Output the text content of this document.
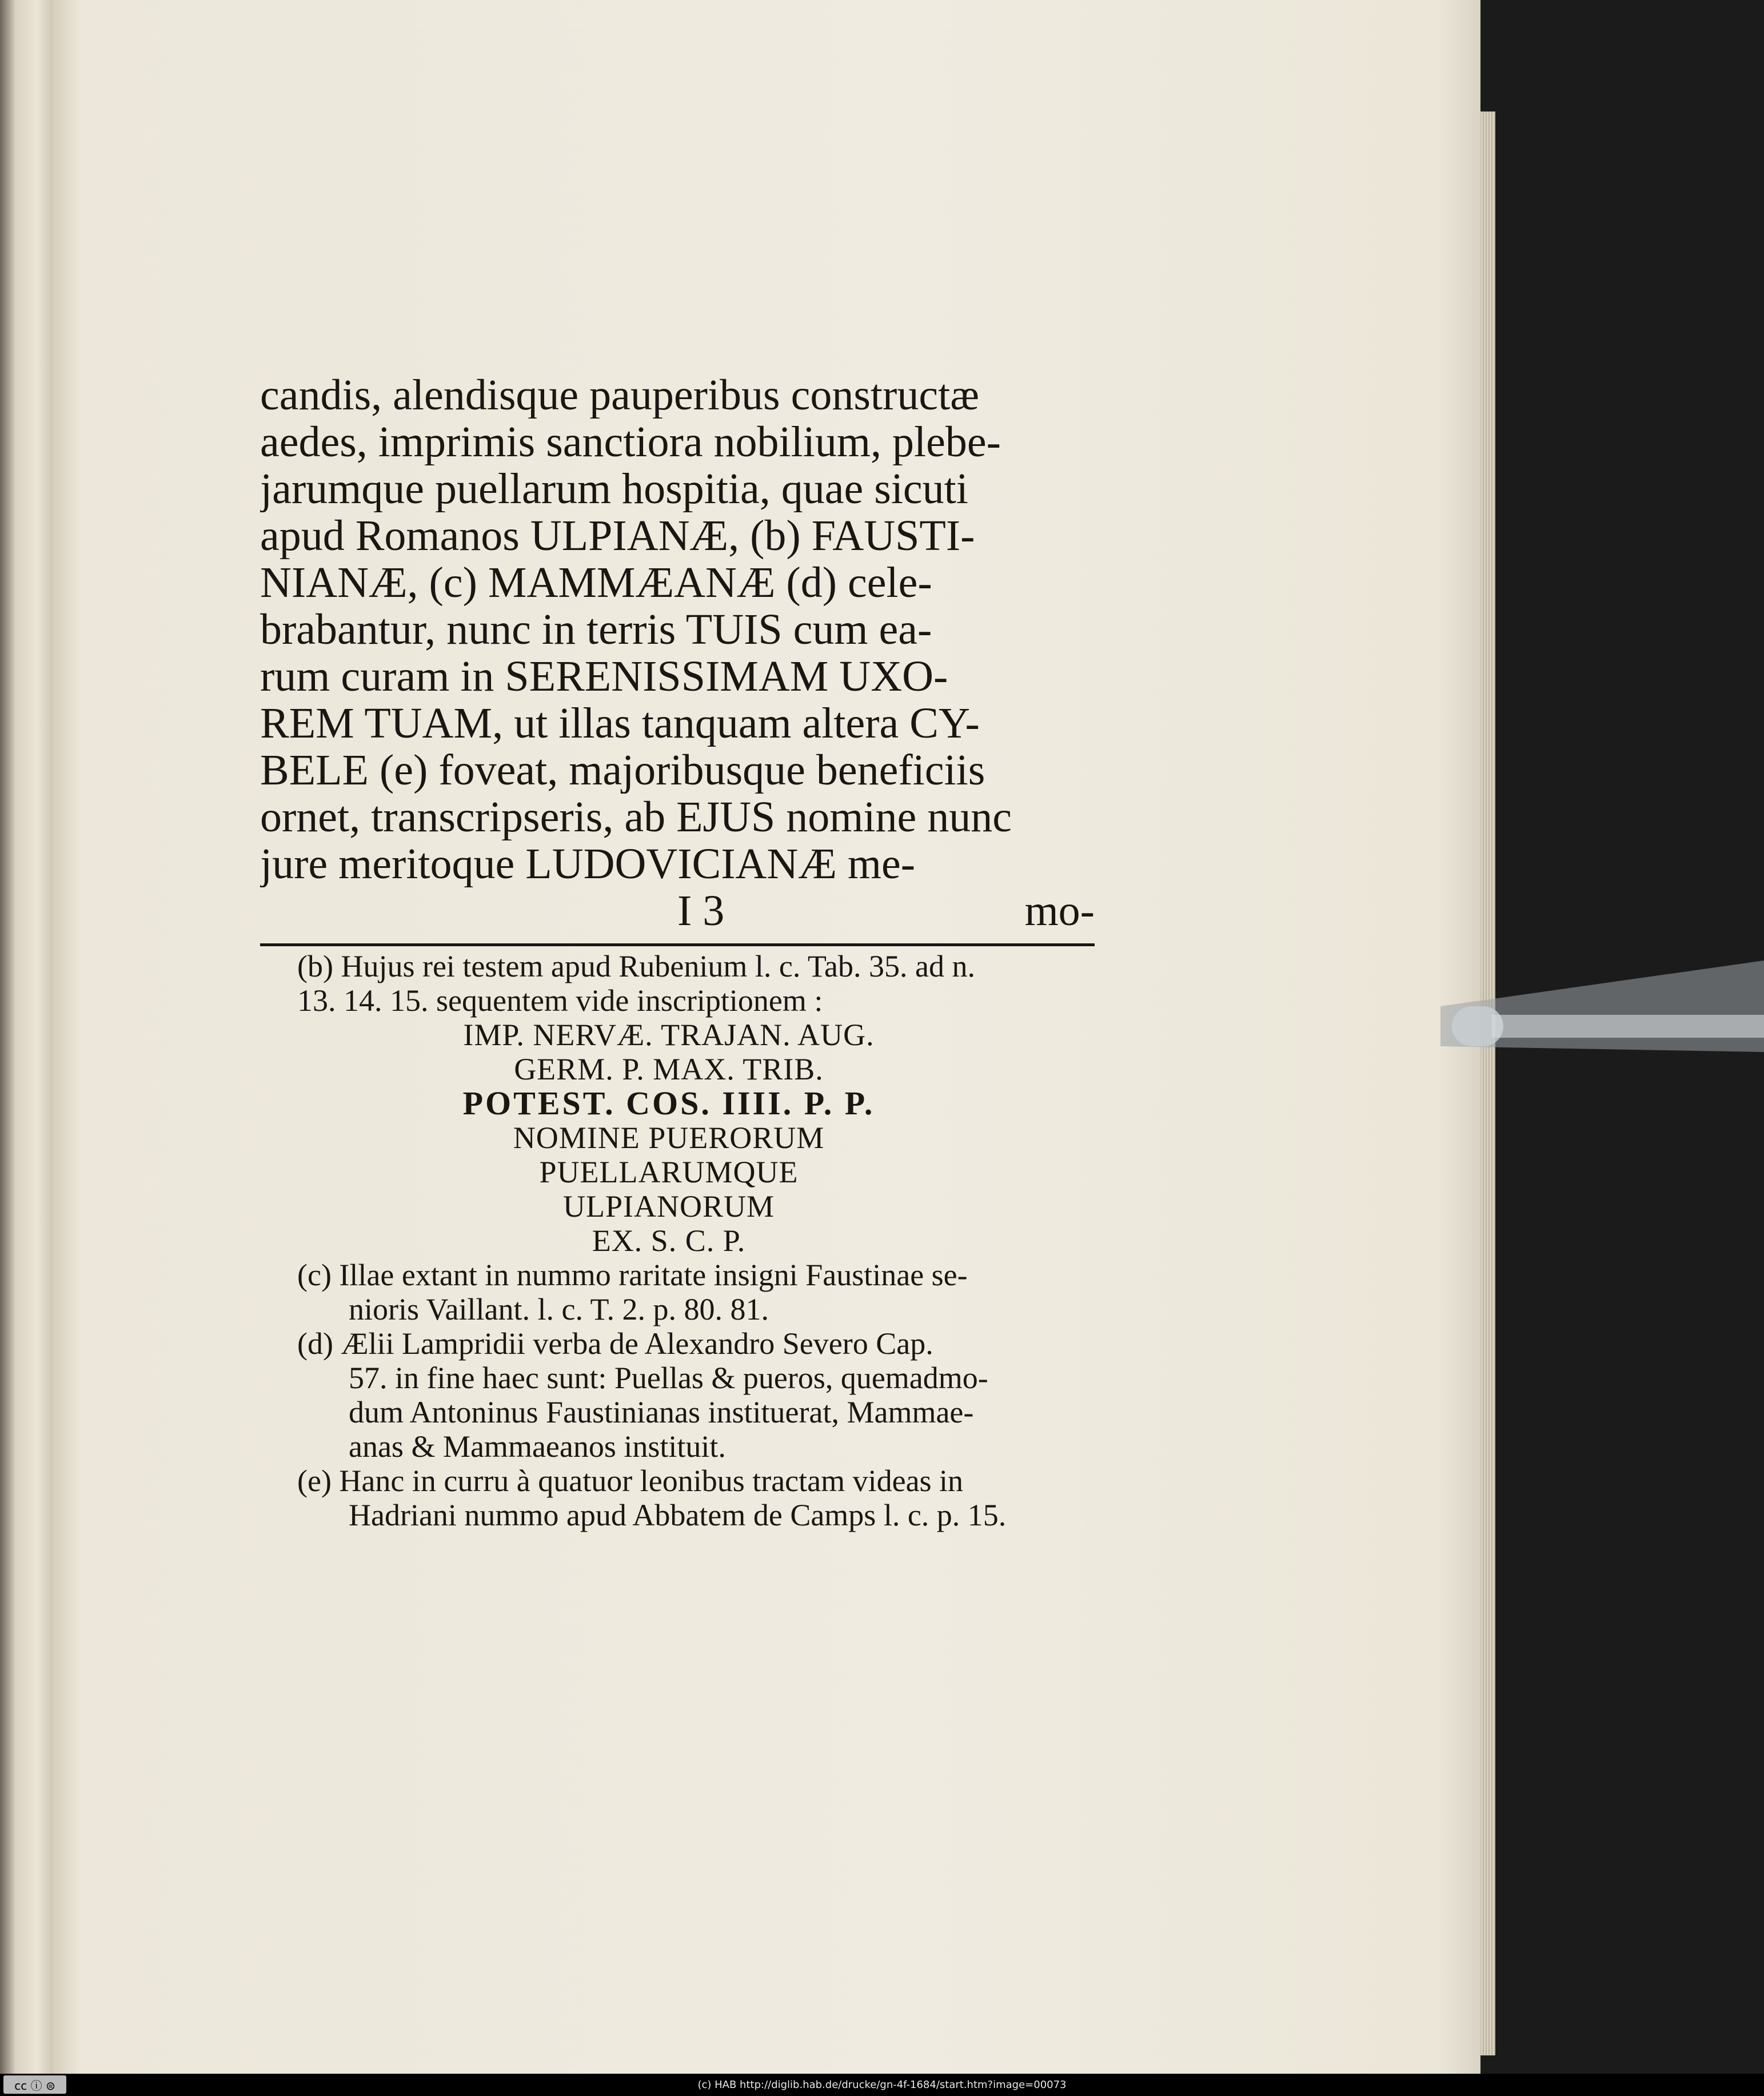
candis, alendisque pauperibus constructæ
aedes, imprimis sanctiora nobilium, plebe-
jarumque puellarum hospitia, quae sicuti
apud Romanos ULPIANÆ, (b) FAUSTI-
NIANÆ, (c) MAMMÆANÆ (d) cele-
brabantur, nunc in terris TUIS cum ea-
rum curam in SERENISSIMAM UXO-
REM TUAM, ut illas tanquam altera CY-
BELE (e) foveat, majoribusque beneficiis
ornet, transcripseris, ab EJUS nomine nunc
jure meritoque LUDOVICIANÆ me-
I 3	mo-
(b) Hujus rei testem apud Rubenium l. c. Tab. 35. ad n.
13. 14. 15. sequentem vide inscriptionem :
IMP. NERVÆ. TRAJAN. AUG.
GERM. P. MAX. TRIB.
POTEST. COS. IIII. P. P.
NOMINE PUERORUM
PUELLARUMQUE
ULPIANORUM
EX. S. C. P.
(c) Illae extant in nummo raritate insigni Faustinae se-
nioris Vaillant. l. c. T. 2. p. 80. 81.
(d) Ælii Lampridii verba de Alexandro Severo Cap.
57. in fine haec sunt: Puellas & pueros, quemadmo-
dum Antoninus Faustinianas instituerat, Mammae-
anas & Mammaeanos instituit.
(e) Hanc in curru à quatuor leonibus tractam videas in
Hadriani nummo apud Abbatem de Camps l. c. p. 15.
cc ⓘ ⊜	(c) HAB http://diglib.hab.de/drucke/gn-4f-1684/start.htm?image=00073
